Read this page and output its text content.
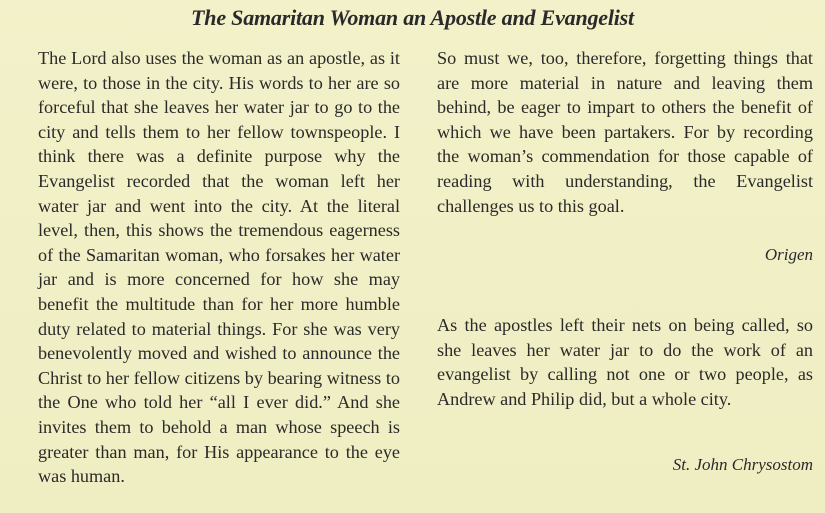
The Samaritan Woman an Apostle and Evangelist

The Lord also uses the woman as an apostle, as it were, to those in the city. His words to her are so forceful that she leaves her water jar to go to the city and tells them to her fellow townspeople. I think there was a definite purpose why the Evangelist recorded that the woman left her water jar and went into the city. At the literal level, then, this shows the tremendous eagerness of the Samaritan woman, who forsakes her water jar and is more concerned for how she may benefit the multitude than for her more humble duty related to material things. For she was very benevolently moved and wished to announce the Christ to her fellow citizens by bearing witness to the One who told her “all I ever did.” And she invites them to behold a man whose speech is greater than man, for His appearance to the eye was human.

So must we, too, therefore, forgetting things that are more material in nature and leaving them behind, be eager to impart to others the benefit of which we have been partakers. For by recording the woman’s commendation for those capable of reading with understanding, the Evangelist challenges us to this goal.

Origen

As the apostles left their nets on being called, so she leaves her water jar to do the work of an evangelist by calling not one or two people, as Andrew and Philip did, but a whole city.

St. John Chrysostom
